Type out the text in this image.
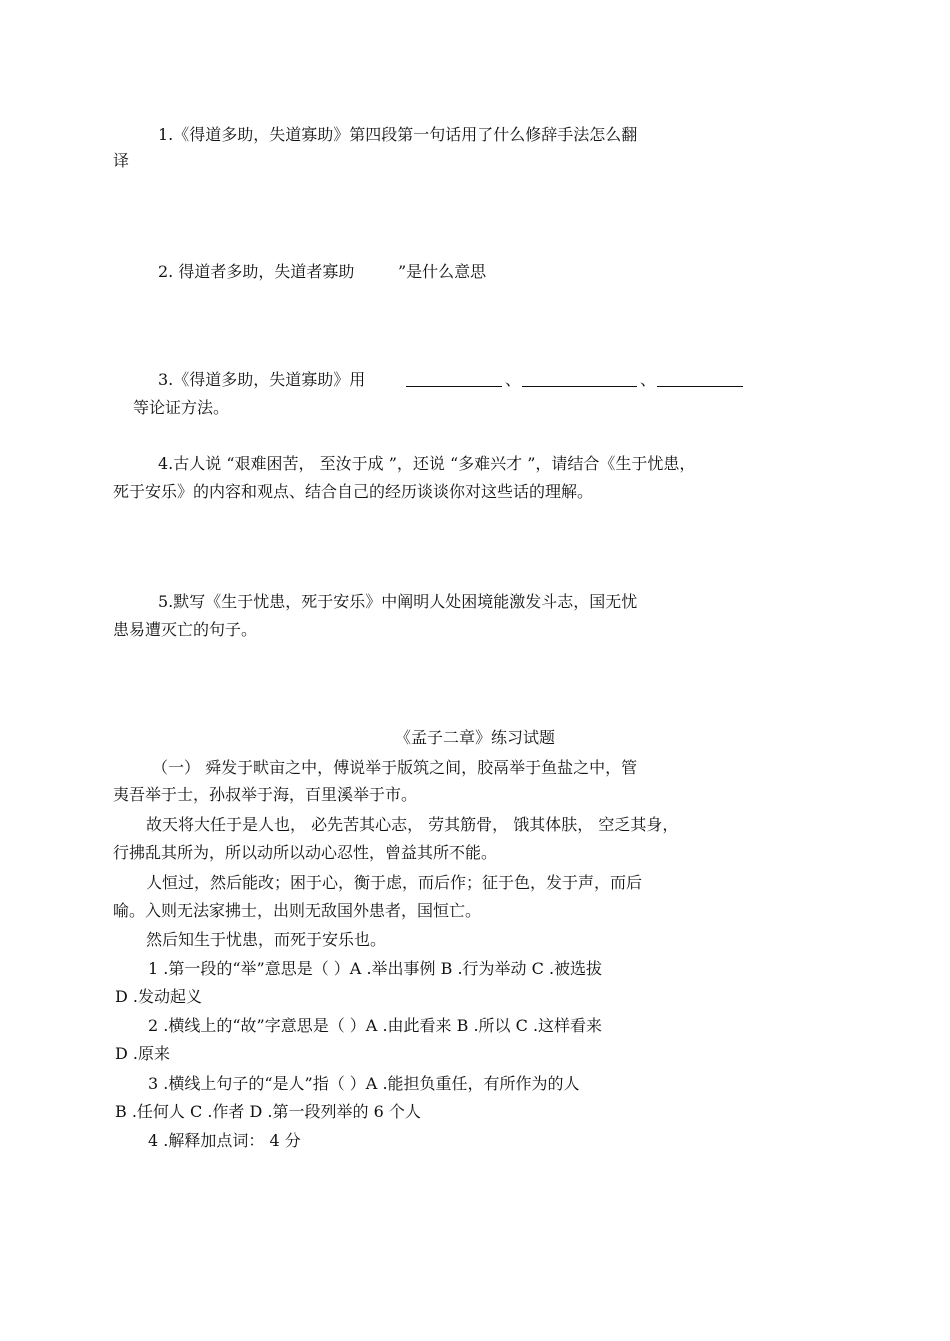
1.《得道多助，失道寡助》第四段第一句话用了什么修辞手法怎么翻
译
2. 得道者多助，失道者寡助	”是什么意思
3.《得道多助，失道寡助》用	、	、
等论证方法。
4.古人说 “艰难困苦， 至汝于成 ”，还说 “多难兴才 ”，请结合《生于忧患，
死于安乐》的内容和观点、结合自己的经历谈谈你对这些话的理解。
5.默写《生于忧患，死于安乐》中阐明人处困境能激发斗志，国无忧
患易遭灭亡的句子。
《孟子二章》练习试题
（一） 舜发于畎亩之中，傅说举于版筑之间，胶鬲举于鱼盐之中，管
夷吾举于士，孙叔举于海，百里溪举于市。
故天将大任于是人也， 必先苦其心志， 劳其筋骨， 饿其体肤， 空乏其身，
行拂乱其所为，所以动所以动心忍性，曾益其所不能。
人恒过，然后能改；困于心，衡于虑，而后作；征于色，发于声，而后
喻。入则无法家拂士，出则无敌国外患者，国恒亡。
然后知生于忧患，而死于安乐也。
1 .第一段的“举”意思是（ ）A .举出事例 B .行为举动 C .被选拔
D .发动起义
2 .横线上的“故”字意思是（ ）A .由此看来 B .所以 C .这样看来
D .原来
3 .横线上句子的“是人”指（ ）A .能担负重任，有所作为的人
B .任何人 C .作者 D .第一段列举的 6 个人
4 .解释加点词： 4 分
